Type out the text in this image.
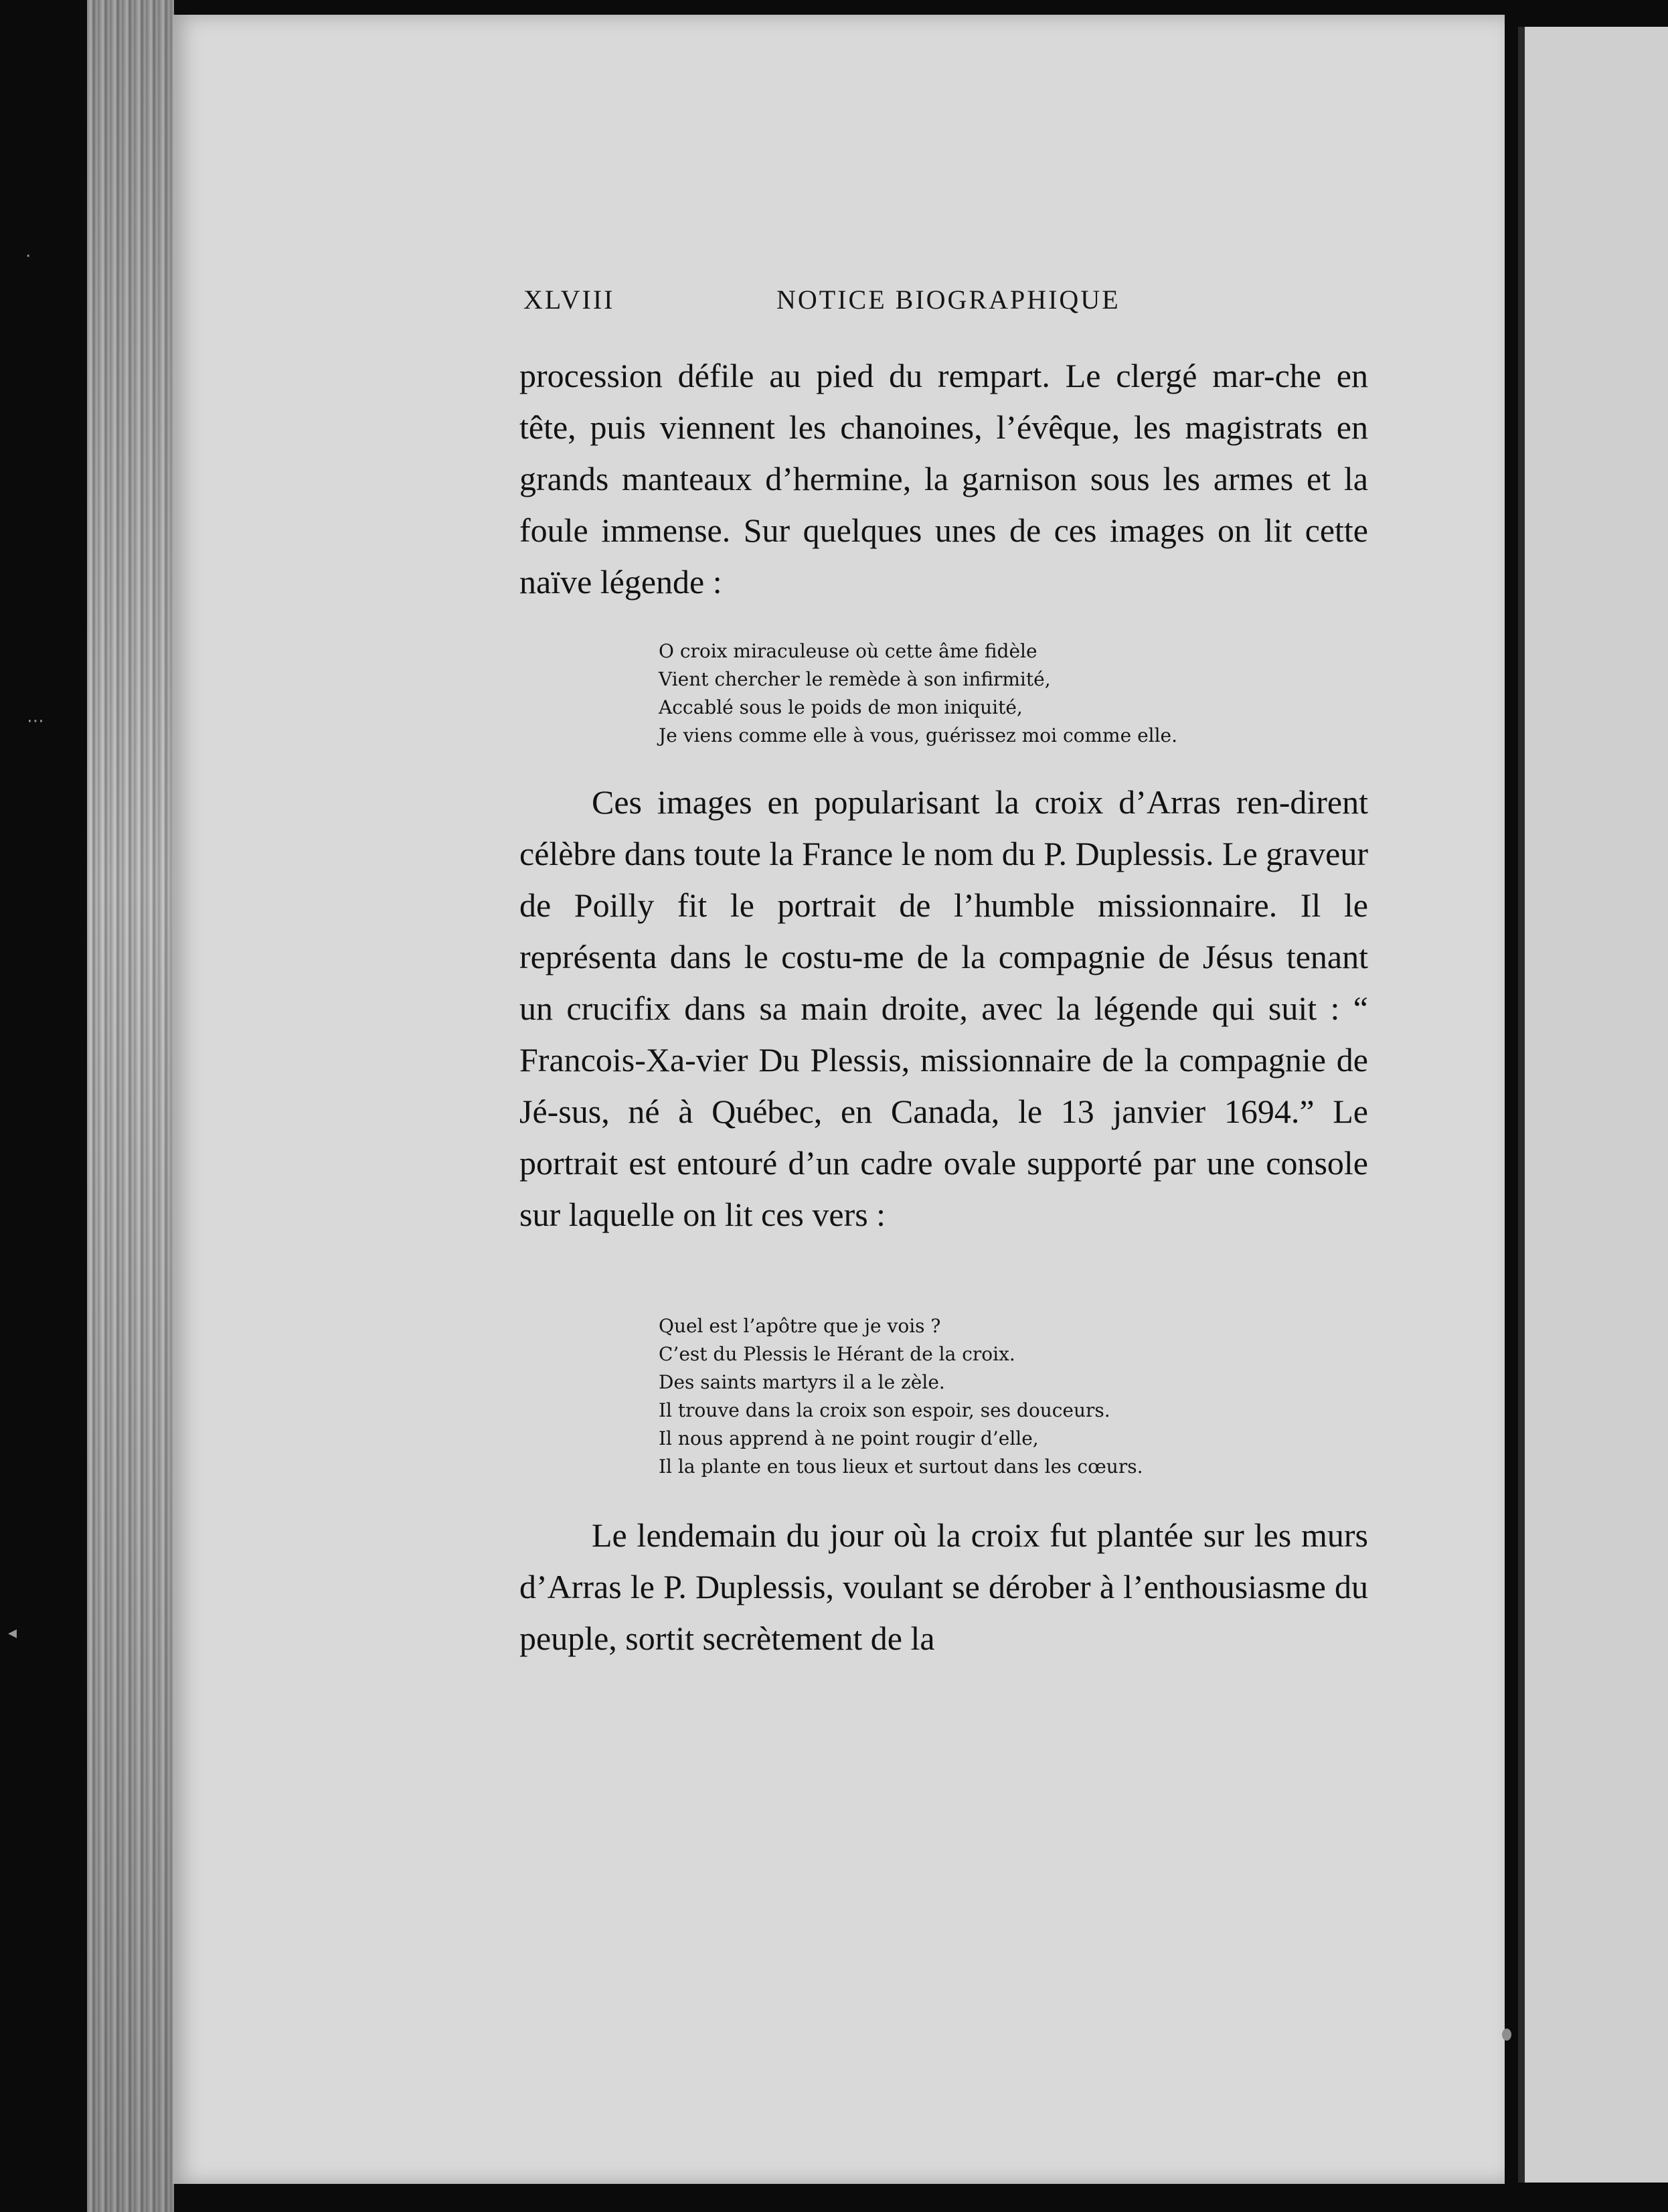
⋅
⋯
◂
XLVIII	NOTICE BIOGRAPHIQUE

procession défile au pied du rempart. Le clergé mar-che en tête, puis viennent les chanoines, l’évêque, les magistrats en grands manteaux d’hermine, la garnison sous les armes et la foule immense. Sur quelques unes de ces images on lit cette naïve légende :

O croix miraculeuse où cette âme fidèle
Vient chercher le remède à son infirmité,
Accablé sous le poids de mon iniquité,
Je viens comme elle à vous, guérissez moi comme elle.

Ces images en popularisant la croix d’Arras ren-dirent célèbre dans toute la France le nom du P. Duplessis. Le graveur de Poilly fit le portrait de l’humble missionnaire. Il le représenta dans le costu-me de la compagnie de Jésus tenant un crucifix dans sa main droite, avec la légende qui suit : “ Francois-Xa-vier Du Plessis, missionnaire de la compagnie de Jé-sus, né à Québec, en Canada, le 13 janvier 1694.” Le portrait est entouré d’un cadre ovale supporté par une console sur laquelle on lit ces vers :

Quel est l’apôtre que je vois ?
C’est du Plessis le Hérant de la croix.
Des saints martyrs il a le zèle.
Il trouve dans la croix son espoir, ses douceurs.
Il nous apprend à ne point rougir d’elle,
Il la plante en tous lieux et surtout dans les cœurs.

Le lendemain du jour où la croix fut plantée sur les murs d’Arras le P. Duplessis, voulant se dérober à l’enthousiasme du peuple, sortit secrètement de la
